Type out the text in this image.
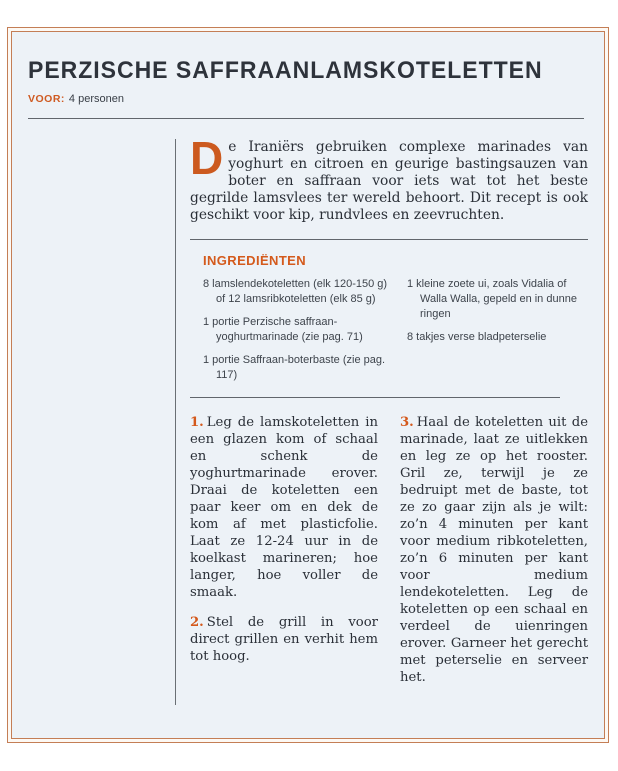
PERZISCHE SAFFRAANLAMSKOTELETTEN
VOOR: 4 personen

De Iraniërs gebruiken complexe marinades van yoghurt en citroen en geurige bastingsauzen van boter en saffraan voor iets wat tot het beste gegrilde lamsvlees ter wereld behoort. Dit recept is ook geschikt voor kip, rundvlees en zeevruchten.

INGREDIËNTEN
8 lamslendekoteletten (elk 120-150 g) of 12 lamsribkoteletten (elk 85 g)
1 portie Perzische saffraan-yoghurtmarinade (zie pag. 71)
1 portie Saffraan-boterbaste (zie pag. 117)
1 kleine zoete ui, zoals Vidalia of Walla Walla, gepeld en in dunne ringen
8 takjes verse bladpeterselie

1. Leg de lamskoteletten in een glazen kom of schaal en schenk de yoghurtmarinade erover. Draai de koteletten een paar keer om en dek de kom af met plasticfolie. Laat ze 12-24 uur in de koelkast marineren; hoe langer, hoe voller de smaak.

2. Stel de grill in voor direct grillen en verhit hem tot hoog.

3. Haal de koteletten uit de marinade, laat ze uitlekken en leg ze op het rooster. Gril ze, terwijl je ze bedruipt met de baste, tot ze zo gaar zijn als je wilt: zo’n 4 minuten per kant voor medium ribkoteletten, zo’n 6 minuten per kant voor medium lendekoteletten. Leg de koteletten op een schaal en verdeel de uienringen erover. Garneer het gerecht met peterselie en serveer het.
